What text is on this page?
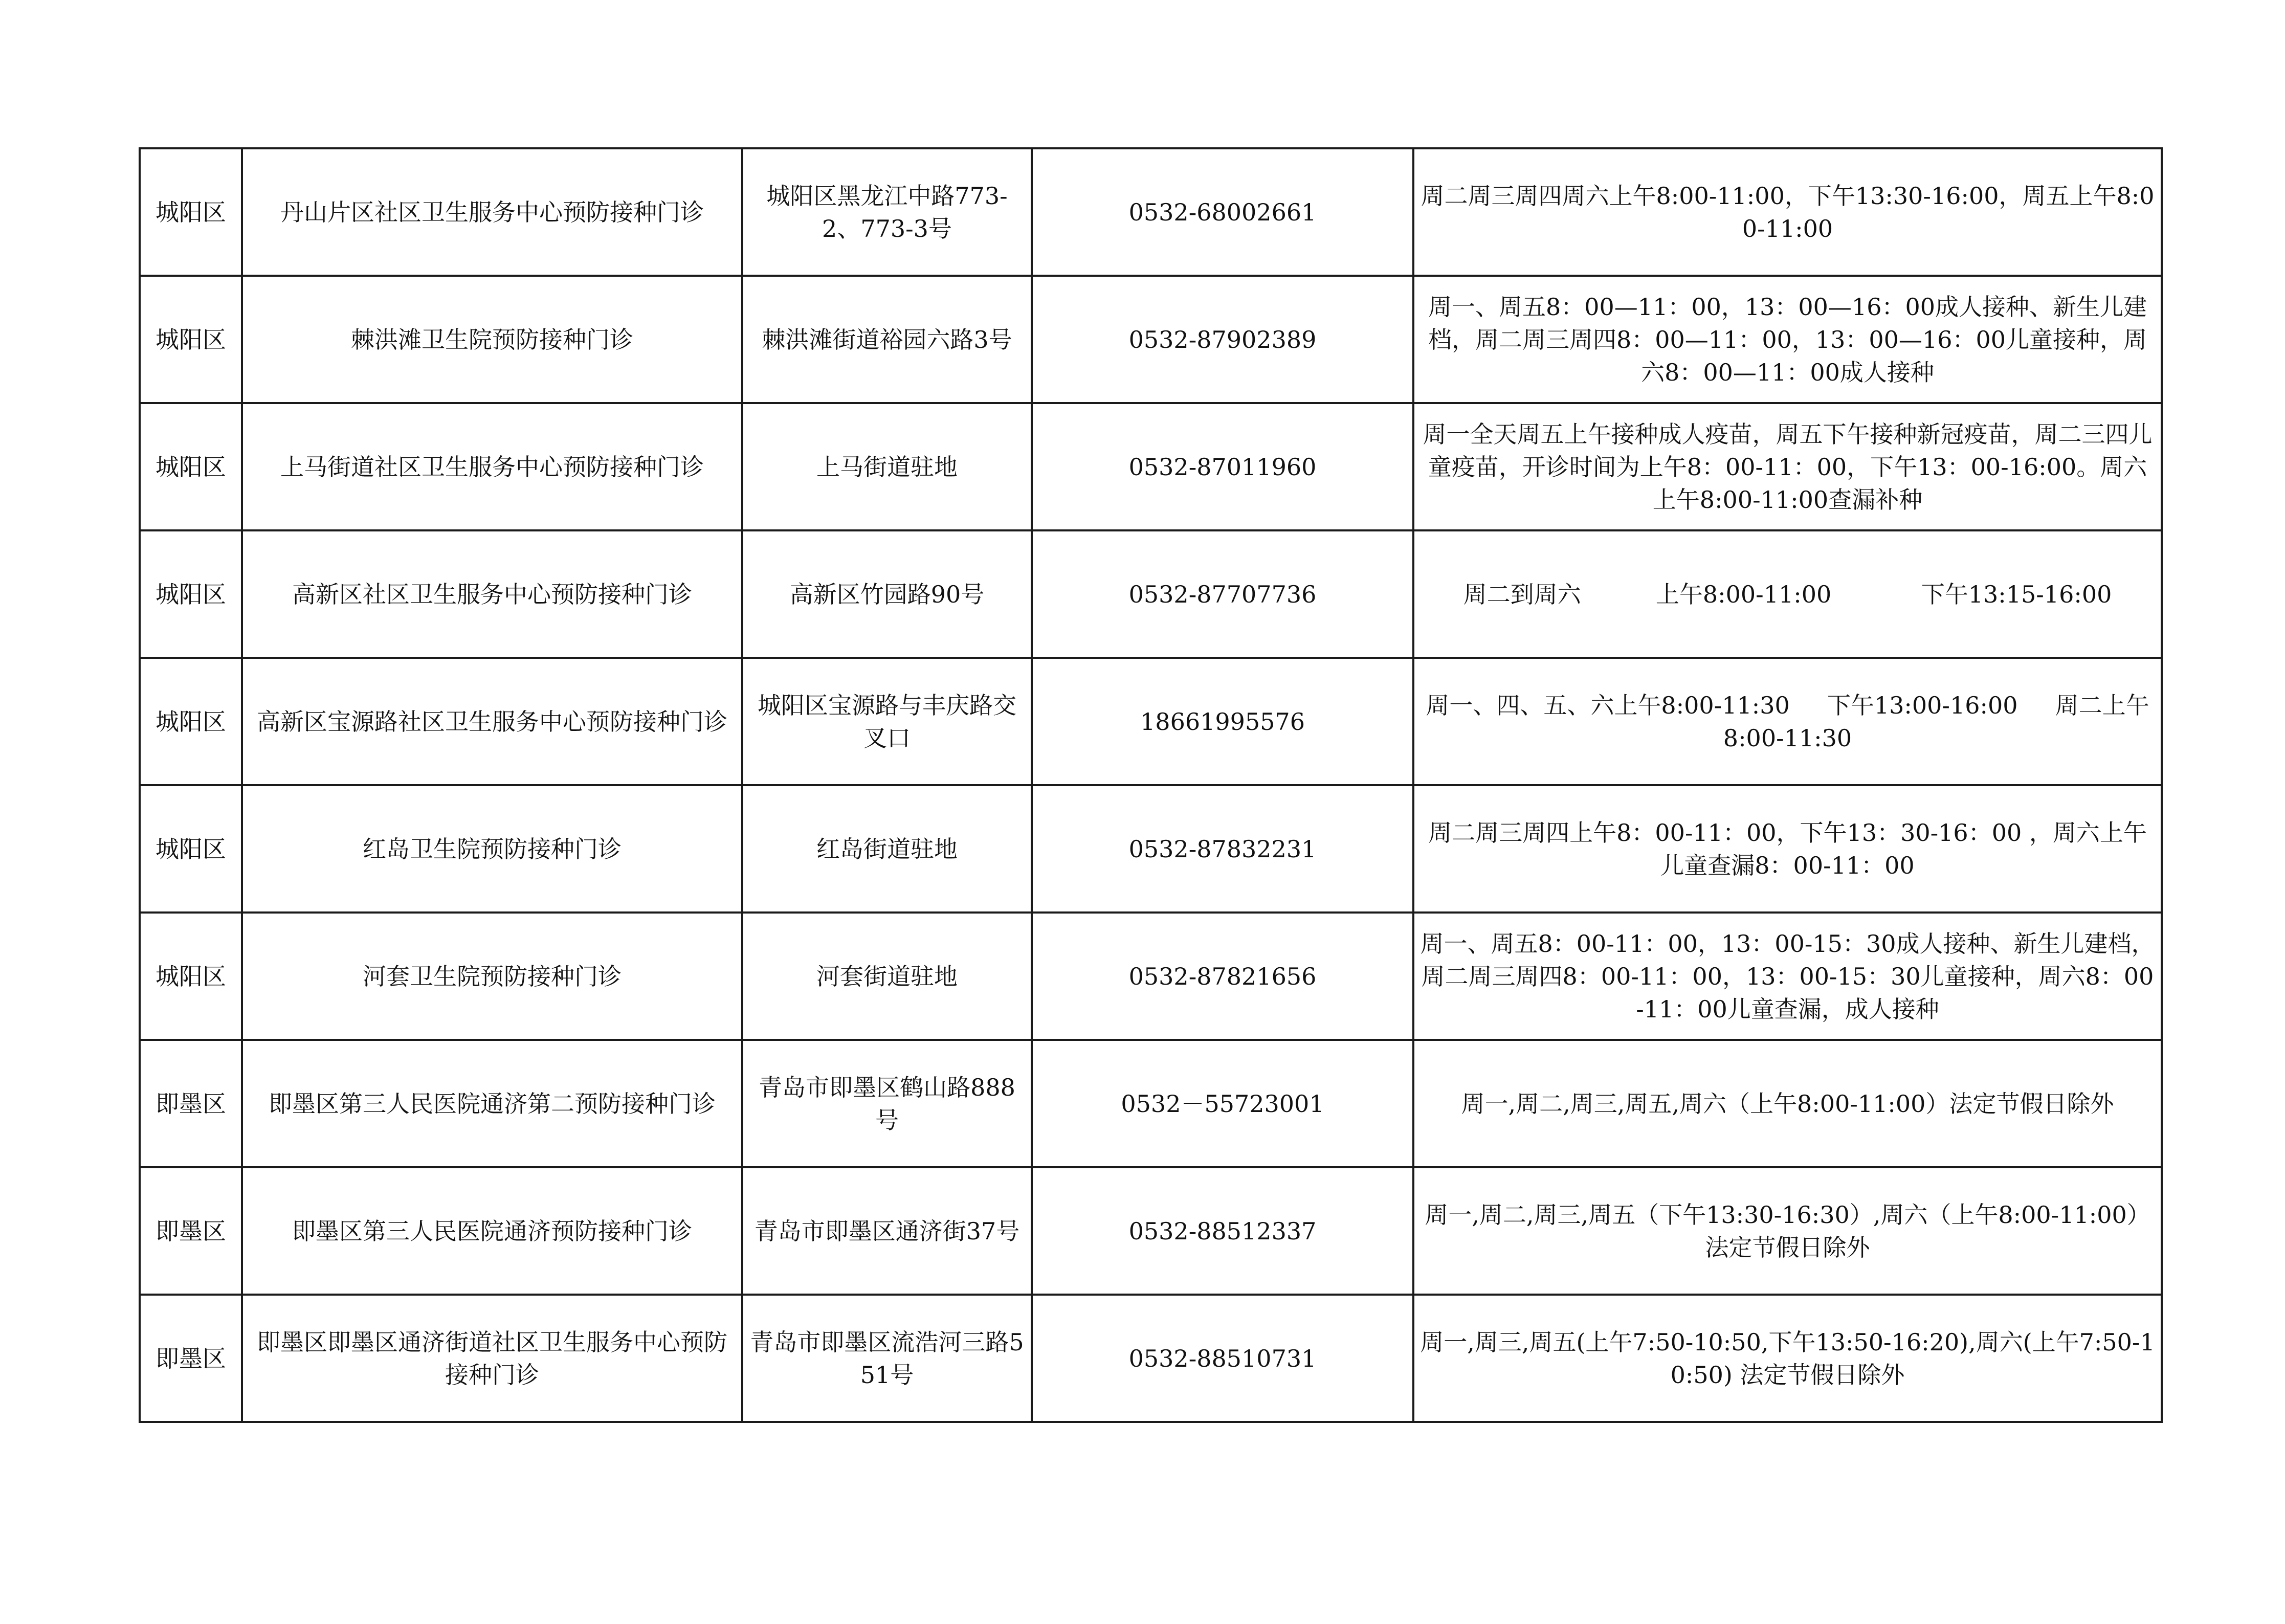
城阳区	丹山片区社区卫生服务中心预防接种门诊	城阳区黑龙江中路773-2、773-3号	0532-68002661	周二周三周四周六上午8:00-11:00，下午13:30-16:00，周五上午8:00-11:00
城阳区	棘洪滩卫生院预防接种门诊	棘洪滩街道裕园六路3号	0532-87902389	周一、周五8：00—11：00，13：00—16：00成人接种、新生儿建档，周二周三周四8：00—11：00，13：00—16：00儿童接种，周六8：00—11：00成人接种
城阳区	上马街道社区卫生服务中心预防接种门诊	上马街道驻地	0532-87011960	周一全天周五上午接种成人疫苗，周五下午接种新冠疫苗，周二三四儿童疫苗，开诊时间为上午8：00-11：00，下午13：00-16:00。周六上午8:00-11:00查漏补种
城阳区	高新区社区卫生服务中心预防接种门诊	高新区竹园路90号	0532-87707736	周二到周六          上午8:00-11:00            下午13:15-16:00
城阳区	高新区宝源路社区卫生服务中心预防接种门诊	城阳区宝源路与丰庆路交叉口	18661995576	周一、四、五、六上午8:00-11:30     下午13:00-16:00     周二上午8:00-11:30
城阳区	红岛卫生院预防接种门诊	红岛街道驻地	0532-87832231	周二周三周四上午8：00-11：00，下午13：30-16：00 ，周六上午儿童查漏8：00-11：00
城阳区	河套卫生院预防接种门诊	河套街道驻地	0532-87821656	周一、周五8：00-11：00，13：00-15：30成人接种、新生儿建档，周二周三周四8：00-11：00，13：00-15：30儿童接种，周六8：00-11：00儿童查漏，成人接种
即墨区	即墨区第三人民医院通济第二预防接种门诊	青岛市即墨区鹤山路888号	0532－55723001	周一,周二,周三,周五,周六（上午8:00-11:00）法定节假日除外
即墨区	即墨区第三人民医院通济预防接种门诊	青岛市即墨区通济街37号	0532-88512337	周一,周二,周三,周五（下午13:30-16:30）,周六（上午8:00-11:00）法定节假日除外
即墨区	即墨区即墨区通济街道社区卫生服务中心预防接种门诊	青岛市即墨区流浩河三路551号	0532-88510731	周一,周三,周五(上午7:50-10:50,下午13:50-16:20),周六(上午7:50-10:50) 法定节假日除外
